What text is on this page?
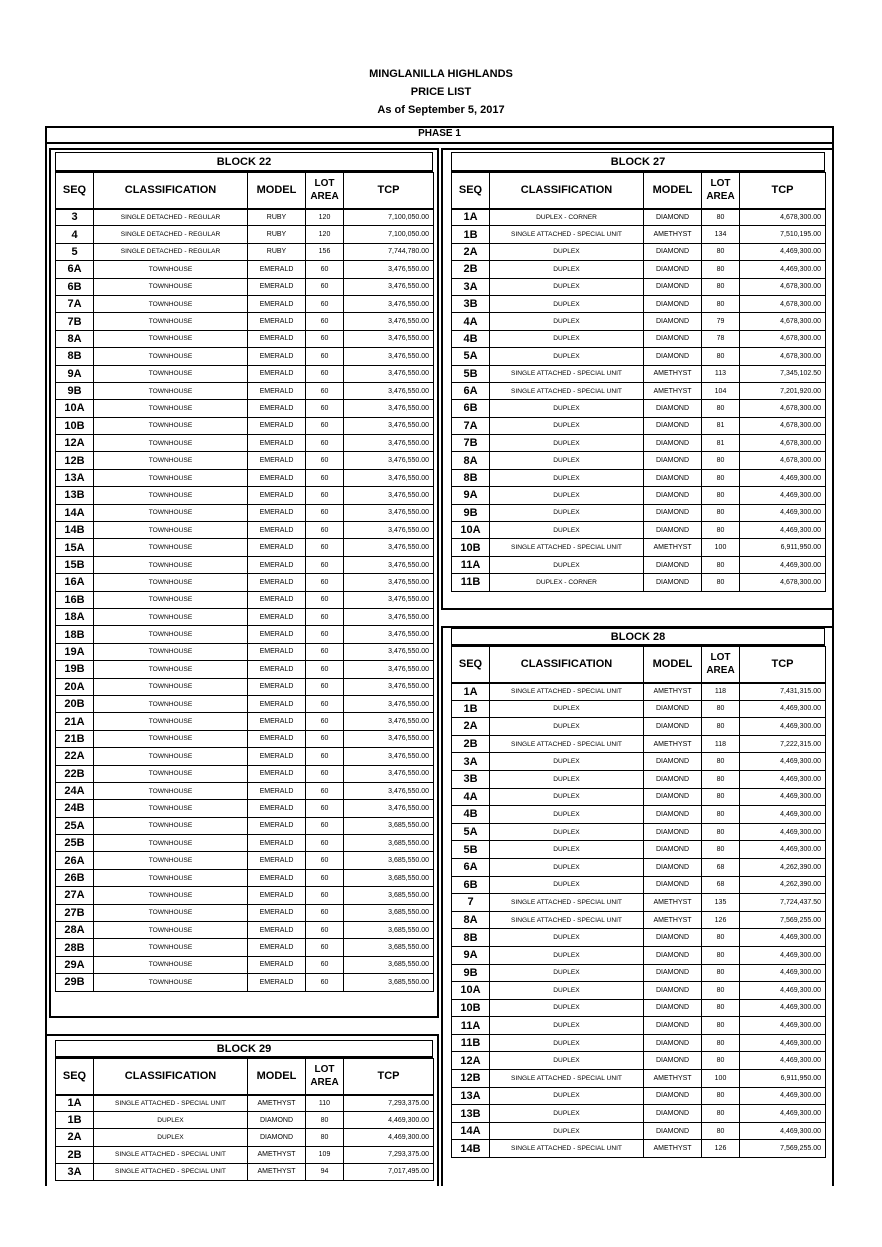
MINGLANILLA HIGHLANDS
PRICE LIST
As of September 5, 2017
PHASE 1
BLOCK 22	BLOCK 27
BLOCK 28
BLOCK 29
SEQ	CLASSIFICATION	MODEL	LOT AREA	TCP
3	SINGLE DETACHED - REGULAR	RUBY	120	7,100,050.00
4	SINGLE DETACHED - REGULAR	RUBY	120	7,100,050.00
5	SINGLE DETACHED - REGULAR	RUBY	156	7,744,780.00
6A	TOWNHOUSE	EMERALD	60	3,476,550.00
6B	TOWNHOUSE	EMERALD	60	3,476,550.00
7A	TOWNHOUSE	EMERALD	60	3,476,550.00
7B	TOWNHOUSE	EMERALD	60	3,476,550.00
8A	TOWNHOUSE	EMERALD	60	3,476,550.00
8B	TOWNHOUSE	EMERALD	60	3,476,550.00
9A	TOWNHOUSE	EMERALD	60	3,476,550.00
9B	TOWNHOUSE	EMERALD	60	3,476,550.00
10A	TOWNHOUSE	EMERALD	60	3,476,550.00
10B	TOWNHOUSE	EMERALD	60	3,476,550.00
12A	TOWNHOUSE	EMERALD	60	3,476,550.00
12B	TOWNHOUSE	EMERALD	60	3,476,550.00
13A	TOWNHOUSE	EMERALD	60	3,476,550.00
13B	TOWNHOUSE	EMERALD	60	3,476,550.00
14A	TOWNHOUSE	EMERALD	60	3,476,550.00
14B	TOWNHOUSE	EMERALD	60	3,476,550.00
15A	TOWNHOUSE	EMERALD	60	3,476,550.00
15B	TOWNHOUSE	EMERALD	60	3,476,550.00
16A	TOWNHOUSE	EMERALD	60	3,476,550.00
16B	TOWNHOUSE	EMERALD	60	3,476,550.00
18A	TOWNHOUSE	EMERALD	60	3,476,550.00
18B	TOWNHOUSE	EMERALD	60	3,476,550.00
19A	TOWNHOUSE	EMERALD	60	3,476,550.00
19B	TOWNHOUSE	EMERALD	60	3,476,550.00
20A	TOWNHOUSE	EMERALD	60	3,476,550.00
20B	TOWNHOUSE	EMERALD	60	3,476,550.00
21A	TOWNHOUSE	EMERALD	60	3,476,550.00
21B	TOWNHOUSE	EMERALD	60	3,476,550.00
22A	TOWNHOUSE	EMERALD	60	3,476,550.00
22B	TOWNHOUSE	EMERALD	60	3,476,550.00
24A	TOWNHOUSE	EMERALD	60	3,476,550.00
24B	TOWNHOUSE	EMERALD	60	3,476,550.00
25A	TOWNHOUSE	EMERALD	60	3,685,550.00
25B	TOWNHOUSE	EMERALD	60	3,685,550.00
26A	TOWNHOUSE	EMERALD	60	3,685,550.00
26B	TOWNHOUSE	EMERALD	60	3,685,550.00
27A	TOWNHOUSE	EMERALD	60	3,685,550.00
27B	TOWNHOUSE	EMERALD	60	3,685,550.00
28A	TOWNHOUSE	EMERALD	60	3,685,550.00
28B	TOWNHOUSE	EMERALD	60	3,685,550.00
29A	TOWNHOUSE	EMERALD	60	3,685,550.00
29B	TOWNHOUSE	EMERALD	60	3,685,550.00
SEQ	CLASSIFICATION	MODEL	LOT AREA	TCP
1A	DUPLEX - CORNER	DIAMOND	80	4,678,300.00
1B	SINGLE ATTACHED - SPECIAL UNIT	AMETHYST	134	7,510,195.00
2A	DUPLEX	DIAMOND	80	4,469,300.00
2B	DUPLEX	DIAMOND	80	4,469,300.00
3A	DUPLEX	DIAMOND	80	4,678,300.00
3B	DUPLEX	DIAMOND	80	4,678,300.00
4A	DUPLEX	DIAMOND	79	4,678,300.00
4B	DUPLEX	DIAMOND	78	4,678,300.00
5A	DUPLEX	DIAMOND	80	4,678,300.00
5B	SINGLE ATTACHED - SPECIAL UNIT	AMETHYST	113	7,345,102.50
6A	SINGLE ATTACHED - SPECIAL UNIT	AMETHYST	104	7,201,920.00
6B	DUPLEX	DIAMOND	80	4,678,300.00
7A	DUPLEX	DIAMOND	81	4,678,300.00
7B	DUPLEX	DIAMOND	81	4,678,300.00
8A	DUPLEX	DIAMOND	80	4,678,300.00
8B	DUPLEX	DIAMOND	80	4,469,300.00
9A	DUPLEX	DIAMOND	80	4,469,300.00
9B	DUPLEX	DIAMOND	80	4,469,300.00
10A	DUPLEX	DIAMOND	80	4,469,300.00
10B	SINGLE ATTACHED - SPECIAL UNIT	AMETHYST	100	6,911,950.00
11A	DUPLEX	DIAMOND	80	4,469,300.00
11B	DUPLEX - CORNER	DIAMOND	80	4,678,300.00
SEQ	CLASSIFICATION	MODEL	LOT AREA	TCP
1A	SINGLE ATTACHED - SPECIAL UNIT	AMETHYST	118	7,431,315.00
1B	DUPLEX	DIAMOND	80	4,469,300.00
2A	DUPLEX	DIAMOND	80	4,469,300.00
2B	SINGLE ATTACHED - SPECIAL UNIT	AMETHYST	118	7,222,315.00
3A	DUPLEX	DIAMOND	80	4,469,300.00
3B	DUPLEX	DIAMOND	80	4,469,300.00
4A	DUPLEX	DIAMOND	80	4,469,300.00
4B	DUPLEX	DIAMOND	80	4,469,300.00
5A	DUPLEX	DIAMOND	80	4,469,300.00
5B	DUPLEX	DIAMOND	80	4,469,300.00
6A	DUPLEX	DIAMOND	68	4,262,390.00
6B	DUPLEX	DIAMOND	68	4,262,390.00
7	SINGLE ATTACHED - SPECIAL UNIT	AMETHYST	135	7,724,437.50
8A	SINGLE ATTACHED - SPECIAL UNIT	AMETHYST	126	7,569,255.00
8B	DUPLEX	DIAMOND	80	4,469,300.00
9A	DUPLEX	DIAMOND	80	4,469,300.00
9B	DUPLEX	DIAMOND	80	4,469,300.00
10A	DUPLEX	DIAMOND	80	4,469,300.00
10B	DUPLEX	DIAMOND	80	4,469,300.00
11A	DUPLEX	DIAMOND	80	4,469,300.00
11B	DUPLEX	DIAMOND	80	4,469,300.00
12A	DUPLEX	DIAMOND	80	4,469,300.00
12B	SINGLE ATTACHED - SPECIAL UNIT	AMETHYST	100	6,911,950.00
13A	DUPLEX	DIAMOND	80	4,469,300.00
13B	DUPLEX	DIAMOND	80	4,469,300.00
14A	DUPLEX	DIAMOND	80	4,469,300.00
14B	SINGLE ATTACHED - SPECIAL UNIT	AMETHYST	126	7,569,255.00
SEQ	CLASSIFICATION	MODEL	LOT AREA	TCP
1A	SINGLE ATTACHED - SPECIAL UNIT	AMETHYST	110	7,293,375.00
1B	DUPLEX	DIAMOND	80	4,469,300.00
2A	DUPLEX	DIAMOND	80	4,469,300.00
2B	SINGLE ATTACHED - SPECIAL UNIT	AMETHYST	109	7,293,375.00
3A	SINGLE ATTACHED - SPECIAL UNIT	AMETHYST	94	7,017,495.00
